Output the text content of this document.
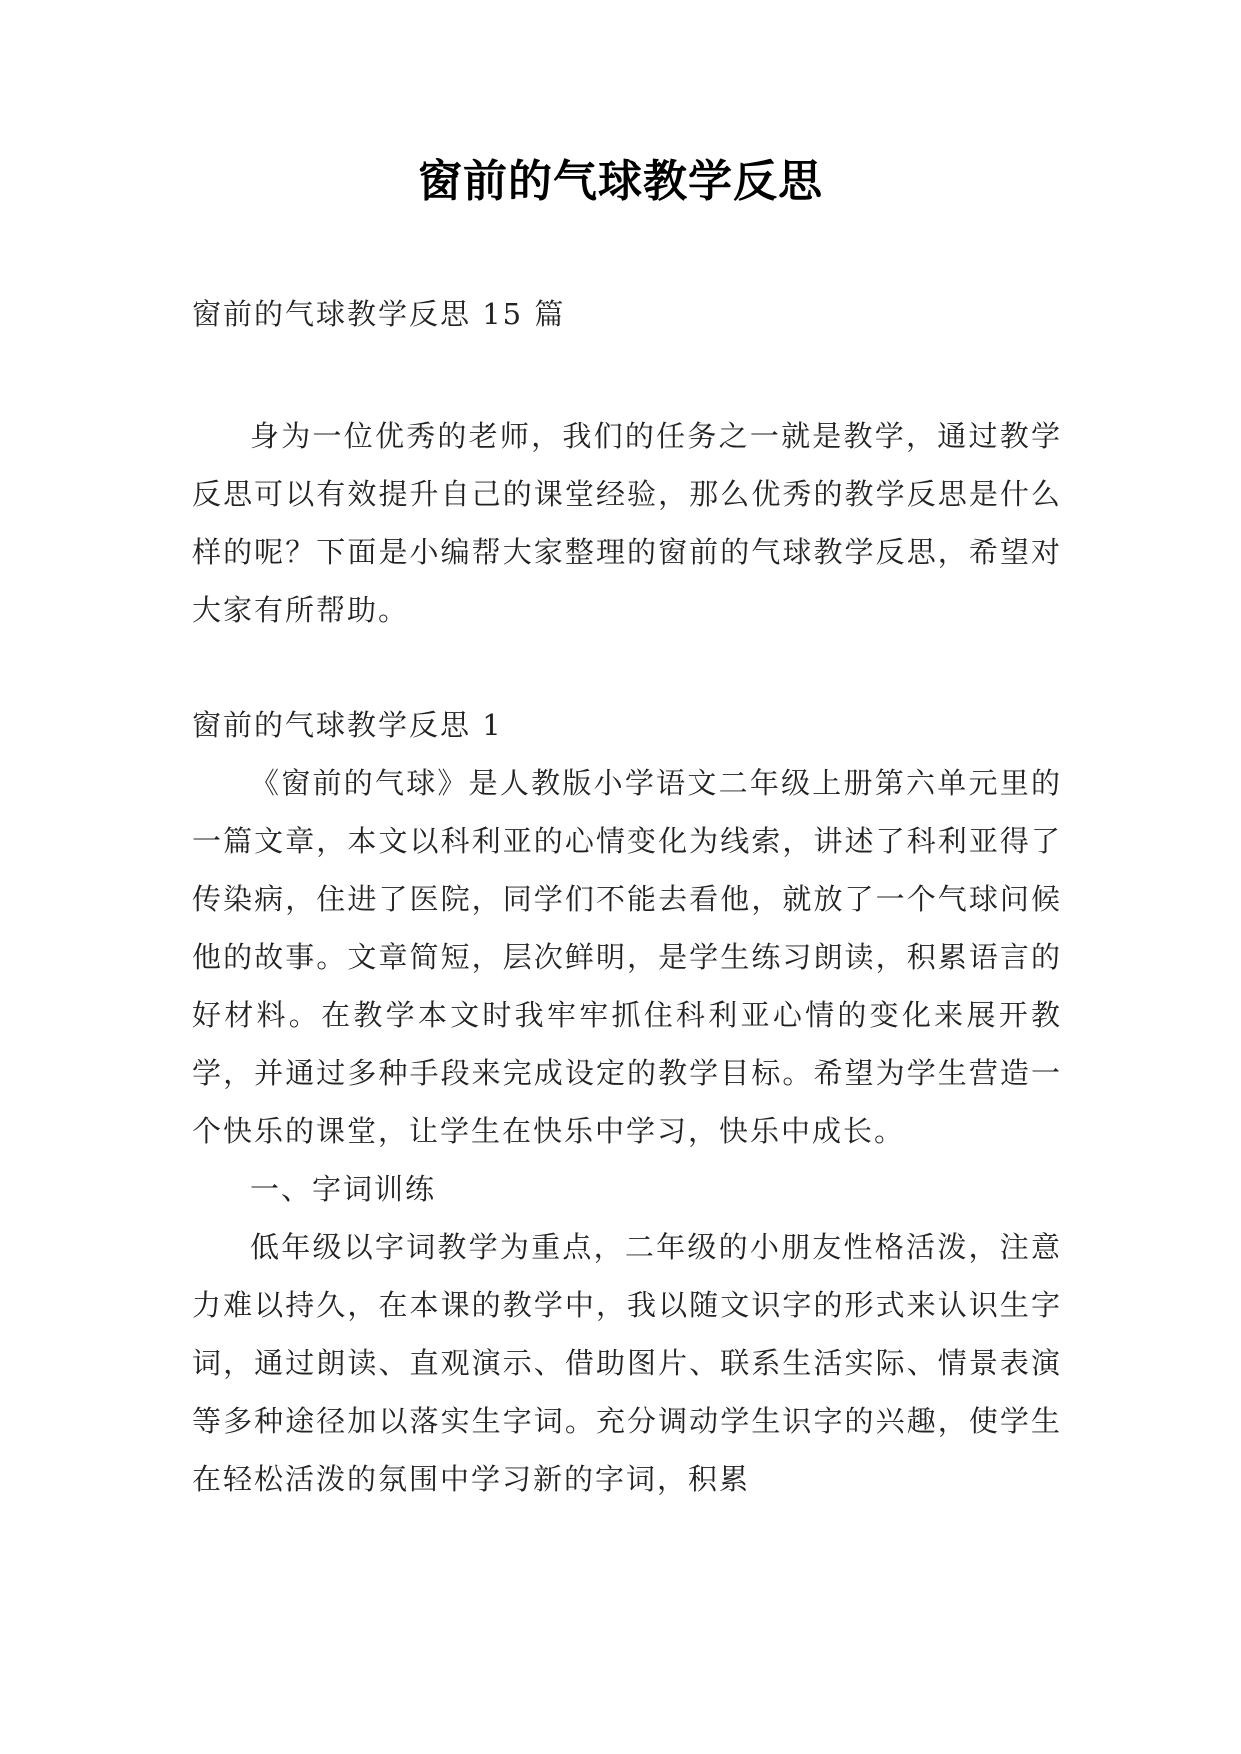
窗前的气球教学反思
窗前的气球教学反思 15 篇

身为一位优秀的老师，我们的任务之一就是教学，通过教学反思可以有效提升自己的课堂经验，那么优秀的教学反思是什么样的呢？下面是小编帮大家整理的窗前的气球教学反思，希望对大家有所帮助。

窗前的气球教学反思 1

《窗前的气球》是人教版小学语文二年级上册第六单元里的一篇文章，本文以科利亚的心情变化为线索，讲述了科利亚得了传染病，住进了医院，同学们不能去看他，就放了一个气球问候他的故事。文章简短，层次鲜明，是学生练习朗读，积累语言的好材料。在教学本文时我牢牢抓住科利亚心情的变化来展开教学，并通过多种手段来完成设定的教学目标。希望为学生营造一个快乐的课堂，让学生在快乐中学习，快乐中成长。

一、字词训练

低年级以字词教学为重点，二年级的小朋友性格活泼，注意力难以持久，在本课的教学中，我以随文识字的形式来认识生字词，通过朗读、直观演示、借助图片、联系生活实际、情景表演等多种途径加以落实生字词。充分调动学生识字的兴趣，使学生在轻松活泼的氛围中学习新的字词，积累
